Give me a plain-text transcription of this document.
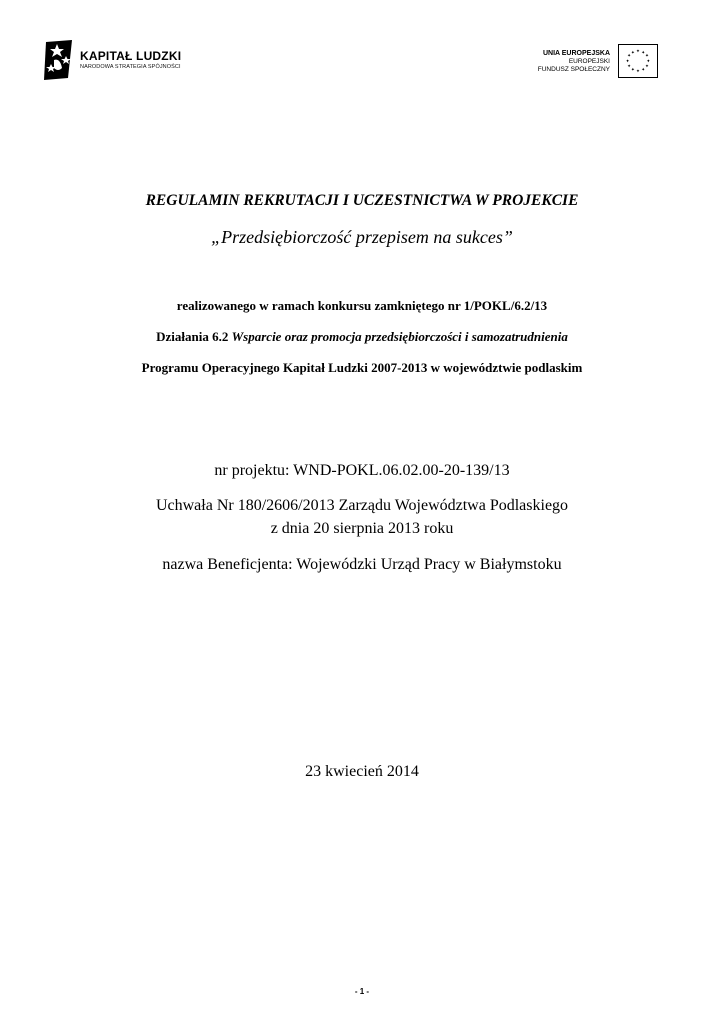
KAPITAŁ LUDZKI
NARODOWA STRATEGIA SPÓJNOŚCI
UNIA EUROPEJSKA
EUROPEJSKI
FUNDUSZ SPOŁECZNY
✦ ✦
✦
✦
✦
✦
✦
✦
✦
✦
✦
✦
REGULAMIN REKRUTACJI I UCZESTNICTWA W PROJEKCIE
„Przedsiębiorczość przepisem na sukces”
realizowanego w ramach konkursu zamkniętego nr 1/POKL/6.2/13
Działania 6.2 Wsparcie oraz promocja przedsiębiorczości i samozatrudnienia
Programu Operacyjnego Kapitał Ludzki 2007-2013 w województwie podlaskim
nr projektu: WND-POKL.06.02.00-20-139/13
Uchwała Nr 180/2606/2013 Zarządu Województwa Podlaskiego
z dnia 20 sierpnia 2013 roku
nazwa Beneficjenta: Wojewódzki Urząd Pracy w Białymstoku
23 kwiecień 2014
- 1 -
